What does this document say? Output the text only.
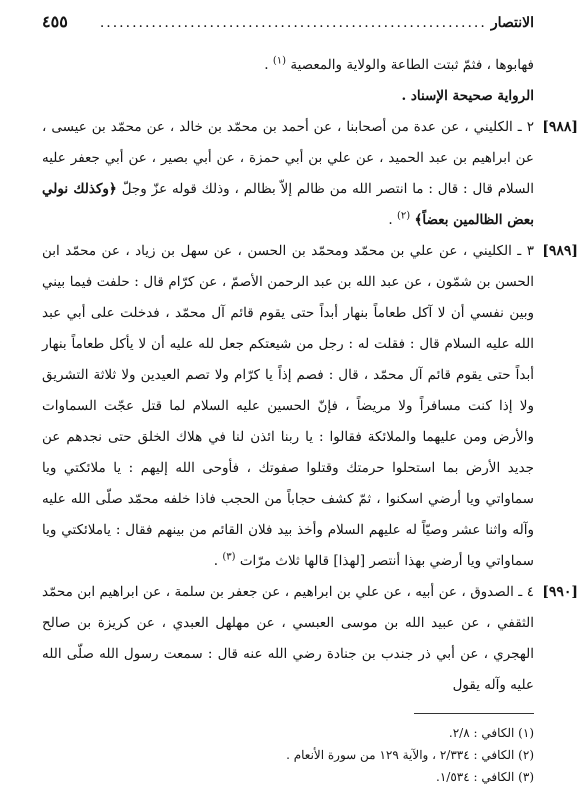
الانتصار
............................................................
٤٥٥

فهابوها ، فثمّ ثبتت الطاعة والولاية والمعصية $^{(١)}$ .

الرواية صحيحة الإسناد .

[٩٨٨]

٢ ـ الكليني ، عن عدة من أصحابنا ، عن أحمد بن محمّد بن خالد ، عن محمّد بن عيسى ، عن ابراهيم بن عبد الحميد ، عن علي بن أبي حمزة ، عن أبي بصير ، عن أبي جعفر عليه السلام قال : قال : ما انتصر الله من ظالم إلاّ بظالم ، وذلك قوله عزّ وجلّ ﴿وكذلك نولي بعض الظالمين بعضاً﴾ $^{(٢)}$ .

[٩٨٩]

٣ ـ الكليني ، عن علي بن محمّد ومحمّد بن الحسن ، عن سهل بن زياد ، عن محمّد ابن الحسن بن شمّون ، عن عبد الله بن عبد الرحمن الأصمّ ، عن كرّام قال : حلفت فيما بيني وبين نفسي أن لا آكل طعاماً بنهار أبداً حتى يقوم قائم آل محمّد ، فدخلت على أبي عبد الله عليه السلام قال : فقلت له : رجل من شيعتكم جعل لله عليه أن لا يأكل طعاماً بنهار أبداً حتى يقوم قائم آل محمّد ، قال : فصم إذاً يا كرّام ولا تصم العيدين ولا ثلاثة التشريق ولا إذا كنت مسافراً ولا مريضاً ، فإنّ الحسين عليه السلام لما قتل عجّت السماوات والأرض ومن عليهما والملائكة فقالوا : يا ربنا ائذن لنا في هلاك الخلق حتى نجدهم عن جديد الأرض بما استحلوا حرمتك وقتلوا صفوتك ، فأوحى الله إليهم : يا ملائكتي ويا سماواتي ويا أرضي اسكنوا ، ثمّ كشف حجاباً من الحجب فاذا خلفه محمّد صلّى الله عليه وآله واثنا عشر وصيّاً له عليهم السلام وأخذ بيد فلان القائم من بينهم فقال : ياملائكتي ويا سماواتي ويا أرضي بهذا أنتصر [لهذا] قالها ثلاث مرّات $^{(٣)}$ .

[٩٩٠]

٤ ـ الصدوق ، عن أبيه ، عن علي بن ابراهيم ، عن جعفر بن سلمة ، عن ابراهيم ابن محمّد الثقفي ، عن عبيد الله بن موسى العبسي ، عن مهلهل العبدي ، عن كريزة بن صالح الهجري ، عن أبي ذر جندب بن جنادة رضي الله عنه قال : سمعت رسول الله صلّى الله عليه وآله يقول

(١) الكافي : ٢/٨.

(٢) الكافي : ٢/٣٣٤ ، والآية ١٢٩ من سورة الأنعام .

(٣) الكافي : ١/٥٣٤.
